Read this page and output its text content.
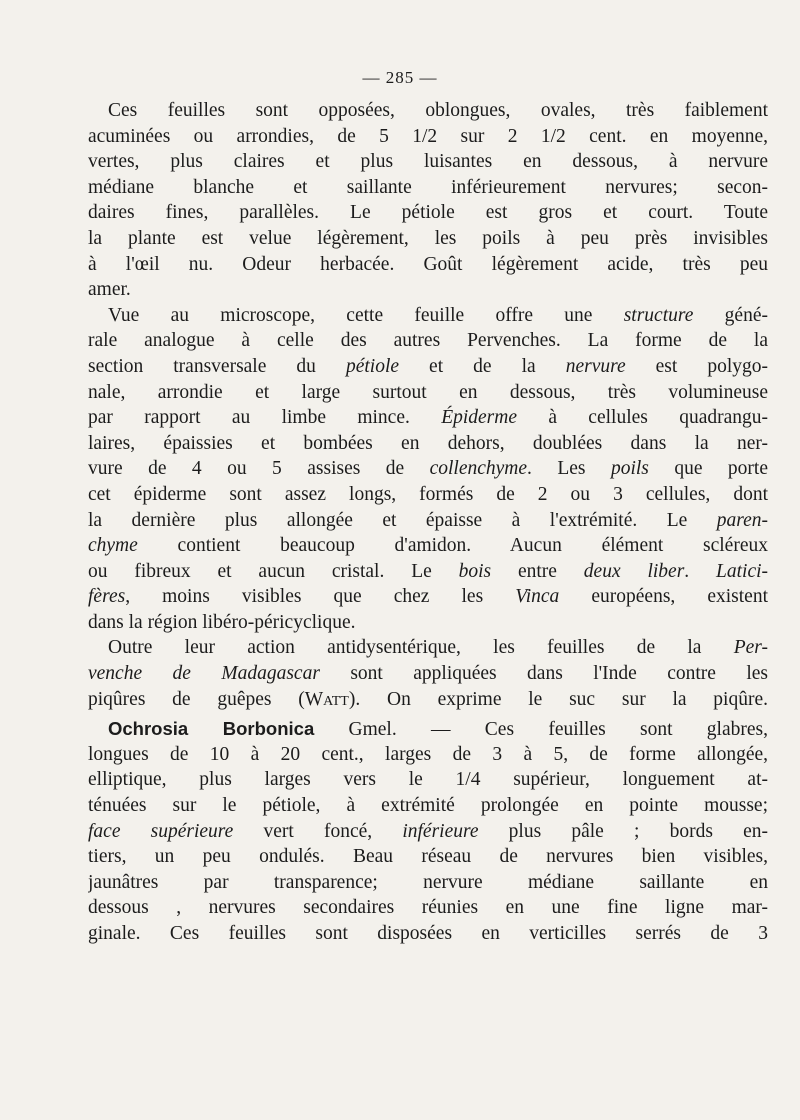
— 285 —
Ces feuilles sont opposées, oblongues, ovales, très faiblement
acuminées ou arrondies, de 5 1/2 sur 2 1/2 cent. en moyenne,
vertes, plus claires et plus luisantes en dessous, à nervure
médiane blanche et saillante inférieurement nervures; secon-
daires fines, parallèles. Le pétiole est gros et court. Toute
la plante est velue légèrement, les poils à peu près invisibles
à l'œil nu. Odeur herbacée. Goût légèrement acide, très peu
amer.
Vue au microscope, cette feuille offre une structure géné-
rale analogue à celle des autres Pervenches. La forme de la
section transversale du pétiole et de la nervure est polygo-
nale, arrondie et large surtout en dessous, très volumineuse
par rapport au limbe mince. Épiderme à cellules quadrangu-
laires, épaissies et bombées en dehors, doublées dans la ner-
vure de 4 ou 5 assises de collenchyme. Les poils que porte
cet épiderme sont assez longs, formés de 2 ou 3 cellules, dont
la dernière plus allongée et épaisse à l'extrémité. Le paren-
chyme contient beaucoup d'amidon. Aucun élément scléreux
ou fibreux et aucun cristal. Le bois entre deux liber. Latici-
fères, moins visibles que chez les Vinca européens, existent
dans la région libéro-péricyclique.
Outre leur action antidysentérique, les feuilles de la Per-
venche de Madagascar sont appliquées dans l'Inde contre les
piqûres de guêpes (Watt). On exprime le suc sur la piqûre.
Ochrosia Borbonica Gmel. — Ces feuilles sont glabres,
longues de 10 à 20 cent., larges de 3 à 5, de forme allongée,
elliptique, plus larges vers le 1/4 supérieur, longuement at-
ténuées sur le pétiole, à extrémité prolongée en pointe mousse;
face supérieure vert foncé, inférieure plus pâle ; bords en-
tiers, un peu ondulés. Beau réseau de nervures bien visibles,
jaunâtres par transparence; nervure médiane saillante en
dessous , nervures secondaires réunies en une fine ligne mar-
ginale. Ces feuilles sont disposées en verticilles serrés de 3
